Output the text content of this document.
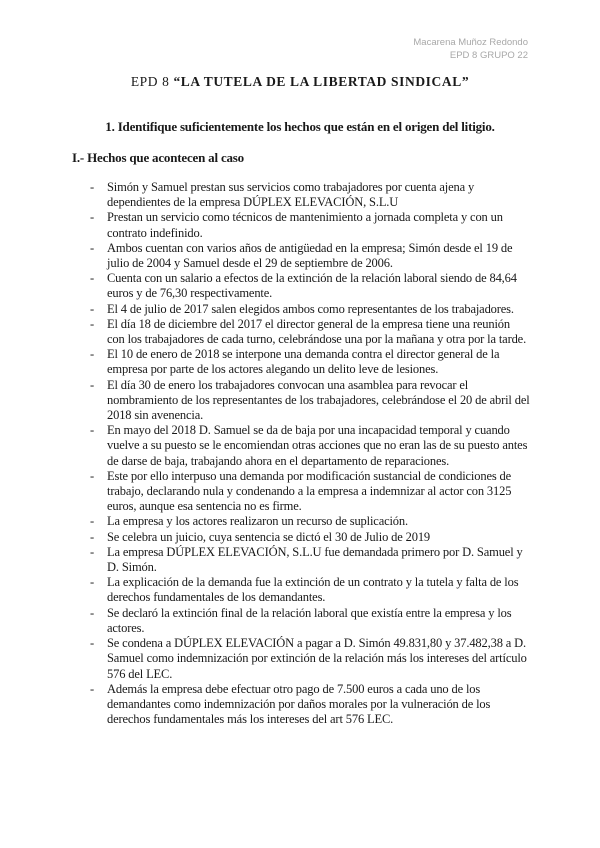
Macarena Muñoz Redondo
EPD 8 GRUPO 22
EPD 8 “LA TUTELA DE LA LIBERTAD SINDICAL”
1. Identifique suficientemente los hechos que están en el origen del litigio.
I.- Hechos que acontecen al caso
- Simón y Samuel prestan sus servicios como trabajadores por cuenta ajena y dependientes de la empresa DÚPLEX ELEVACIÓN, S.L.U
- Prestan un servicio como técnicos de mantenimiento a jornada completa y con un contrato indefinido.
- Ambos cuentan con varios años de antigüedad en la empresa; Simón desde el 19 de julio de 2004 y Samuel desde el 29 de septiembre de 2006.
- Cuenta con un salario a efectos de la extinción de la relación laboral siendo de 84,64 euros y de 76,30 respectivamente.
- El 4 de julio de 2017 salen elegidos ambos como representantes de los trabajadores.
- El día 18 de diciembre del 2017 el director general de la empresa tiene una reunión con los trabajadores de cada turno, celebrándose una por la mañana y otra por la tarde.
- El 10 de enero de 2018 se interpone una demanda contra el director general de la empresa por parte de los actores alegando un delito leve de lesiones.
- El día 30 de enero los trabajadores convocan una asamblea para revocar el nombramiento de los representantes de los trabajadores, celebrándose el 20 de abril del 2018 sin avenencia.
- En mayo del 2018 D. Samuel se da de baja por una incapacidad temporal y cuando vuelve a su puesto se le encomiendan otras acciones que no eran las de su puesto antes de darse de baja, trabajando ahora en el departamento de reparaciones.
- Este por ello interpuso una demanda por modificación sustancial de condiciones de trabajo, declarando nula y condenando a la empresa a indemnizar al actor con 3125 euros, aunque esa sentencia no es firme.
- La empresa y los actores realizaron un recurso de suplicación.
- Se celebra un juicio, cuya sentencia se dictó el 30 de Julio de 2019
- La empresa DÚPLEX ELEVACIÓN, S.L.U fue demandada primero por D. Samuel y D. Simón.
- La explicación de la demanda fue la extinción de un contrato y la tutela y falta de los derechos fundamentales de los demandantes.
- Se declaró la extinción final de la relación laboral que existía entre la empresa y los actores.
- Se condena a DÚPLEX ELEVACIÓN a pagar a D. Simón 49.831,80 y 37.482,38 a D. Samuel como indemnización por extinción de la relación más los intereses del artículo 576 del LEC.
- Además la empresa debe efectuar otro pago de 7.500 euros a cada uno de los demandantes como indemnización por daños morales por la vulneración de los derechos fundamentales más los intereses del art 576 LEC.
